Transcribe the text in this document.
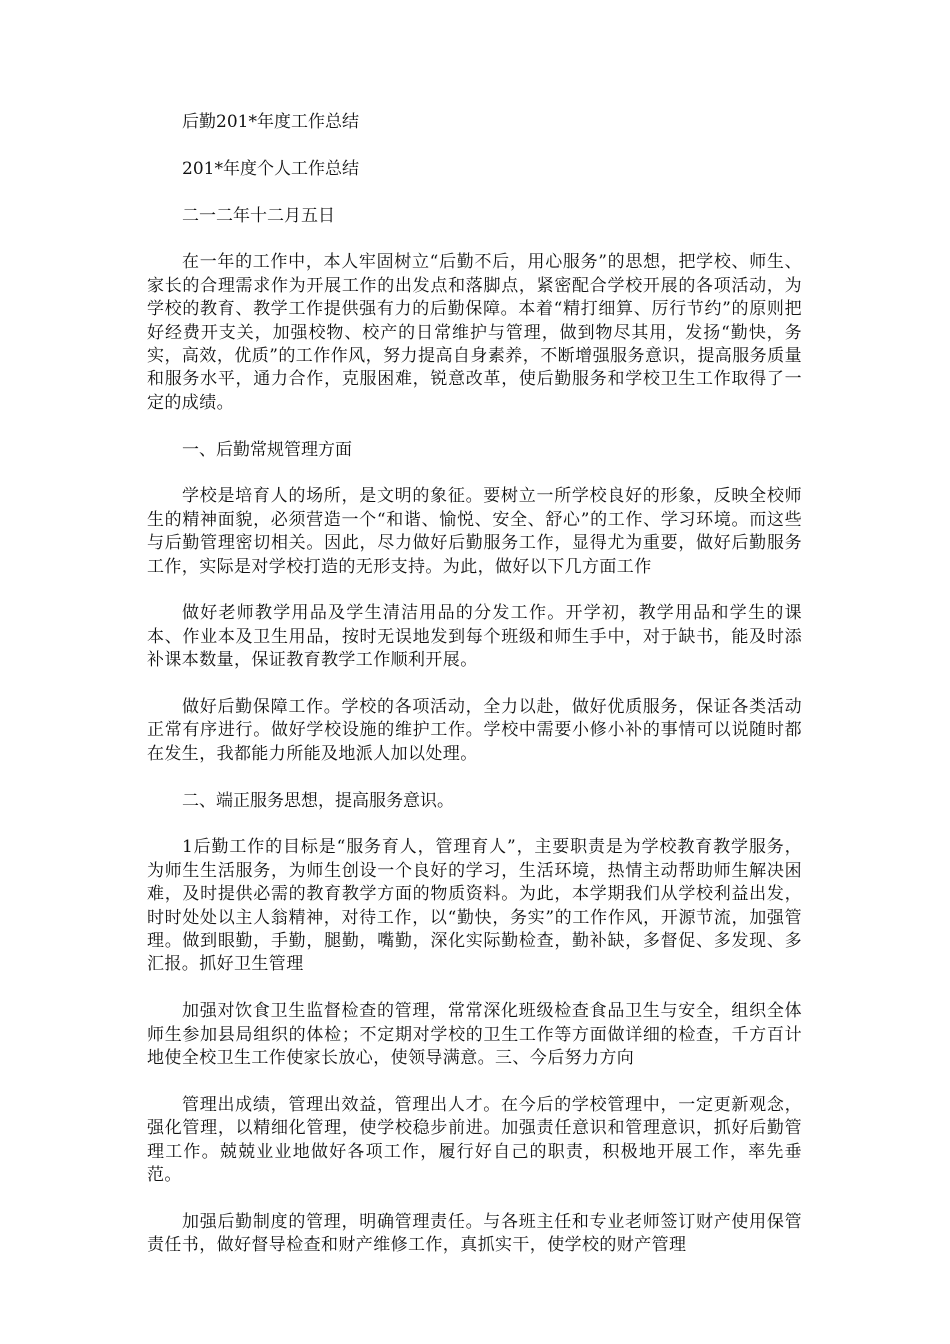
后勤201*年度工作总结

201*年度个人工作总结

二一二年十二月五日

在一年的工作中，本人牢固树立“后勤不后，用心服务”的思想，把学校、师生、家长的合理需求作为开展工作的出发点和落脚点，紧密配合学校开展的各项活动，为学校的教育、教学工作提供强有力的后勤保障。本着“精打细算、厉行节约”的原则把好经费开支关，加强校物、校产的日常维护与管理，做到物尽其用，发扬“勤快，务实，高效，优质”的工作作风，努力提高自身素养，不断增强服务意识，提高服务质量和服务水平，通力合作，克服困难，锐意改革，使后勤服务和学校卫生工作取得了一定的成绩。

一、后勤常规管理方面

学校是培育人的场所，是文明的象征。要树立一所学校良好的形象，反映全校师生的精神面貌，必须营造一个“和谐、愉悦、安全、舒心”的工作、学习环境。而这些与后勤管理密切相关。因此，尽力做好后勤服务工作，显得尤为重要，做好后勤服务工作，实际是对学校打造的无形支持。为此，做好以下几方面工作

做好老师教学用品及学生清洁用品的分发工作。开学初，教学用品和学生的课本、作业本及卫生用品，按时无误地发到每个班级和师生手中，对于缺书，能及时添补课本数量，保证教育教学工作顺利开展。

做好后勤保障工作。学校的各项活动，全力以赴，做好优质服务，保证各类活动正常有序进行。做好学校设施的维护工作。学校中需要小修小补的事情可以说随时都在发生，我都能力所能及地派人加以处理。

二、端正服务思想，提高服务意识。

1后勤工作的目标是“服务育人，管理育人”，主要职责是为学校教育教学服务，为师生生活服务，为师生创设一个良好的学习，生活环境，热情主动帮助师生解决困难，及时提供必需的教育教学方面的物质资料。为此，本学期我们从学校利益出发，时时处处以主人翁精神，对待工作，以“勤快，务实”的工作作风，开源节流，加强管理。做到眼勤，手勤，腿勤，嘴勤，深化实际勤检查，勤补缺，多督促、多发现、多汇报。抓好卫生管理

加强对饮食卫生监督检查的管理，常常深化班级检查食品卫生与安全，组织全体师生参加县局组织的体检；不定期对学校的卫生工作等方面做详细的检查，千方百计地使全校卫生工作使家长放心，使领导满意。三、今后努力方向

管理出成绩，管理出效益，管理出人才。在今后的学校管理中，一定更新观念，强化管理，以精细化管理，使学校稳步前进。加强责任意识和管理意识，抓好后勤管理工作。兢兢业业地做好各项工作，履行好自己的职责，积极地开展工作，率先垂范。

加强后勤制度的管理，明确管理责任。与各班主任和专业老师签订财产使用保管责任书，做好督导检查和财产维修工作，真抓实干，使学校的财产管理
